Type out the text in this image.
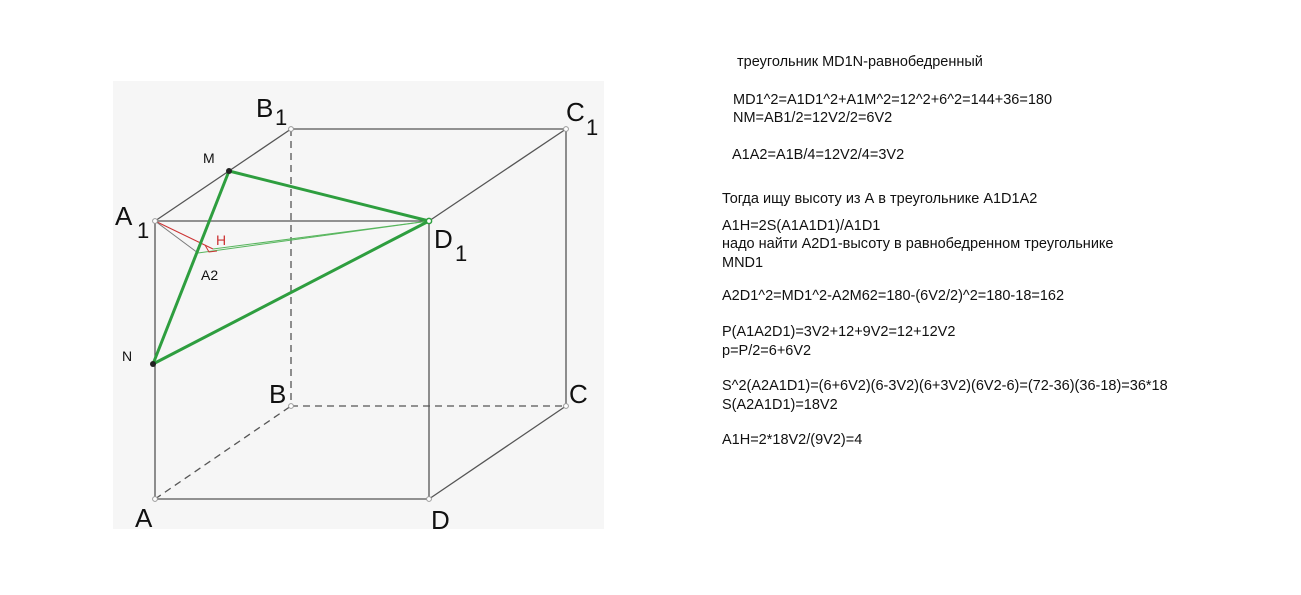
B 1	C
1
A 1	D 1
B	C
A	D
M
N
A2
H

треугольник MD1N-равнобедренный

MD1^2=A1D1^2+A1M^2=12^2+6^2=144+36=180

NM=AB1/2=12V2/2=6V2

A1A2=A1B/4=12V2/4=3V2

Тогда ищу высоту из А в треугольнике A1D1A2

A1H=2S(A1A1D1)/A1D1

надо найти A2D1-высоту в равнобедренном треугольнике

MND1

A2D1^2=MD1^2-A2M62=180-(6V2/2)^2=180-18=162

P(A1A2D1)=3V2+12+9V2=12+12V2

p=P/2=6+6V2

S^2(A2A1D1)=(6+6V2)(6-3V2)(6+3V2)(6V2-6)=(72-36)(36-18)=36*18

S(A2A1D1)=18V2

A1H=2*18V2/(9V2)=4
